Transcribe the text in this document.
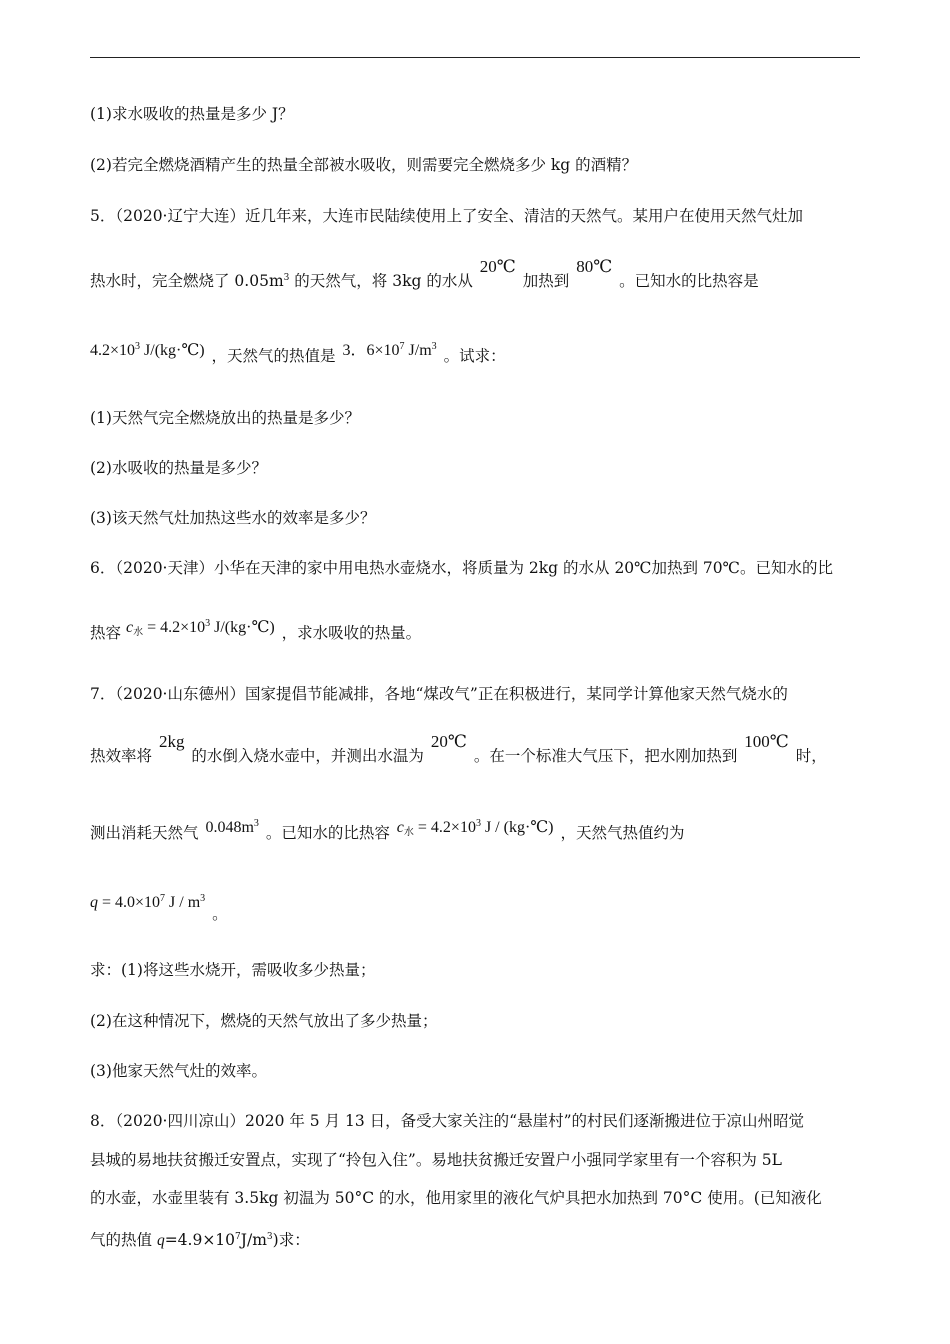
(1)求水吸收的热量是多少 J？
(2)若完全燃烧酒精产生的热量全部被水吸收，则需要完全燃烧多少 kg 的酒精？
5．（2020·辽宁大连）近几年来，大连市民陆续使用上了安全、清洁的天然气。某用户在使用天然气灶加
热水时，完全燃烧了 $0.05m^3$ 的天然气，将 3kg 的水从 20℃ 加热到 80℃ 。已知水的比热容是
$4.2\times 10^3$ J/(kg·℃) ，天然气的热值是 3．$6\times 10^7$ $J/m^3$ 。试求：
(1)天然气完全燃烧放出的热量是多少？
(2)水吸收的热量是多少？
(3)该天然气灶加热这些水的效率是多少？
6．（2020·天津）小华在天津的家中用电热水壶烧水，将质量为 2kg 的水从 20℃加热到 70℃。已知水的比
热容 $c_水 = 4.2\times 10^3$ J/(kg·℃) ，求水吸收的热量。
7．（2020·山东德州）国家提倡节能减排，各地“煤改气”正在积极进行，某同学计算他家天然气烧水的
热效率将 2kg 的水倒入烧水壶中，并测出水温为 20℃ 。在一个标准大气压下，把水刚加热到 100℃ 时，
测出消耗天然气 $0.048m^3$ 。已知水的比热容 $c_水 = 4.2\times 10^3$ J / (kg·℃) ，天然气热值约为
$q = 4.0\times 10^7$ J / $m^3$ 。
求：(1)将这些水烧开，需吸收多少热量；
(2)在这种情况下，燃烧的天然气放出了多少热量；
(3)他家天然气灶的效率。
8．（2020·四川凉山）2020 年 5 月 13 日，备受大家关注的“悬崖村”的村民们逐渐搬进位于凉山州昭觉
县城的易地扶贫搬迁安置点，实现了“拎包入住”。易地扶贫搬迁安置户小强同学家里有一个容积为 5L
的水壶，水壶里装有 3.5kg 初温为 50°C 的水，他用家里的液化气炉具把水加热到 70°C 使用。(已知液化
气的热值 $q=4.9\times 10^7J/m^3$)求：
